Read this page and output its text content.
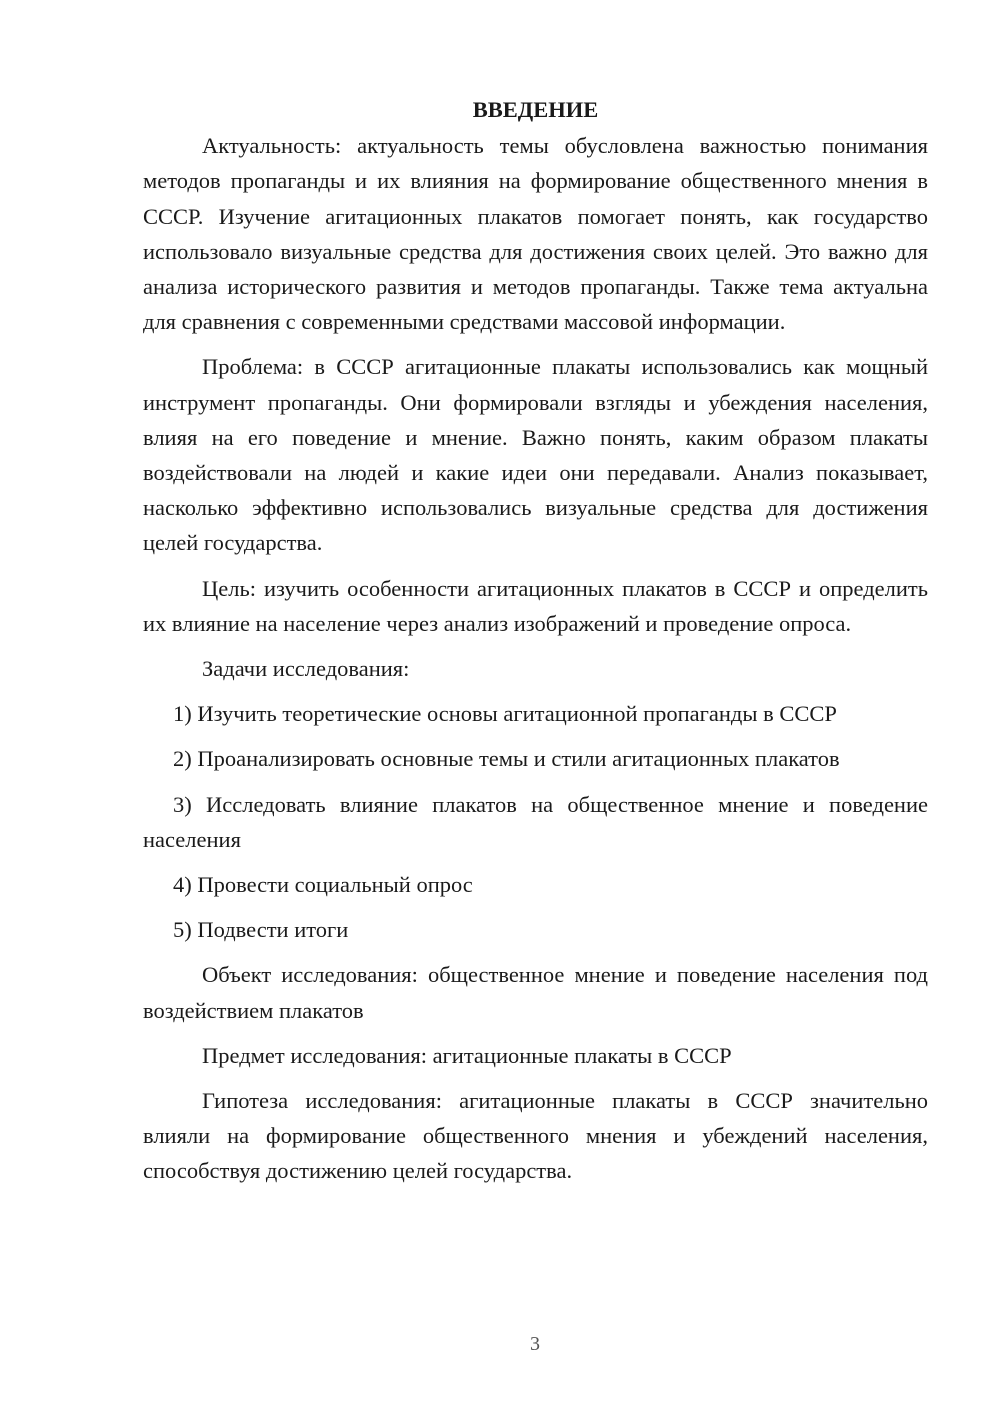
ВВЕДЕНИЕ

Актуальность: актуальность темы обусловлена важностью понимания методов пропаганды и их влияния на формирование общественного мнения в СССР. Изучение агитационных плакатов помогает понять, как государство использовало визуальные средства для достижения своих целей. Это важно для анализа исторического развития и методов пропаганды. Также тема актуальна для сравнения с современными средствами массовой информации.

Проблема: в СССР агитационные плакаты использовались как мощный инструмент пропаганды. Они формировали взгляды и убеждения населения, влияя на его поведение и мнение. Важно понять, каким образом плакаты воздействовали на людей и какие идеи они передавали. Анализ показывает, насколько эффективно использовались визуальные средства для достижения целей государства.

Цель: изучить особенности агитационных плакатов в СССР и определить их влияние на население через анализ изображений и проведение опроса.

Задачи исследования:

1) Изучить теоретические основы агитационной пропаганды в СССР

2) Проанализировать основные темы и стили агитационных плакатов

3) Исследовать влияние плакатов на общественное мнение и поведение населения

4) Провести социальный опрос

5) Подвести итоги

Объект исследования: общественное мнение и поведение населения под воздействием плакатов

Предмет исследования: агитационные плакаты в СССР

Гипотеза исследования: агитационные плакаты в СССР значительно влияли на формирование общественного мнения и убеждений населения, способствуя достижению целей государства.

3
